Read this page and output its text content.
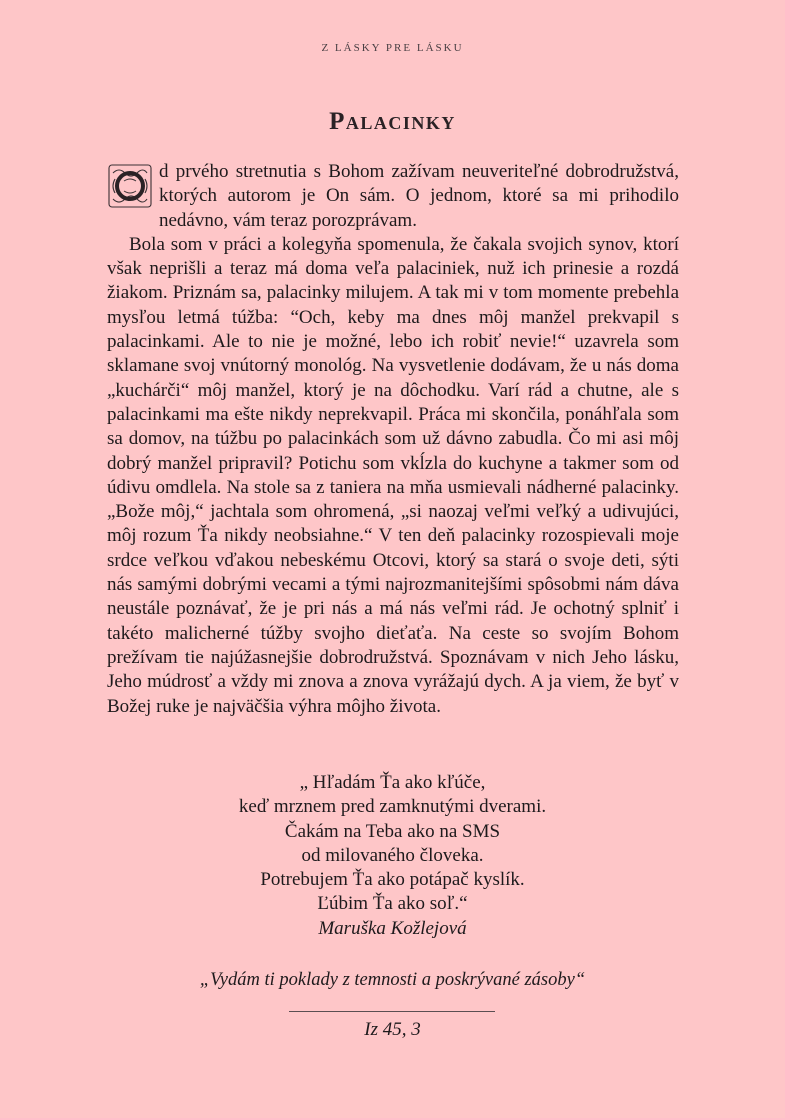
Z LÁSKY PRE LÁSKU
Palacinky

d prvého stretnutia s Bohom zažívam neuveriteľné dobrodružstvá, ktorých autorom je On sám. O jednom, ktoré sa mi prihodilo nedávno, vám teraz porozprávam.

Bola som v práci a kolegyňa spomenula, že čakala svojich synov, ktorí však neprišli a teraz má doma veľa palaciniek, nuž ich prinesie a rozdá žiakom. Priznám sa, palacinky milujem. A tak mi v tom momente prebehla mysľou letmá túžba: “Och, keby ma dnes môj manžel prekvapil s palacinkami. Ale to nie je možné, lebo ich robiť nevie!“ uzavrela som sklamane svoj vnútorný monológ. Na vysvetlenie dodávam, že u nás doma „kuchárči“ môj manžel, ktorý je na dôchodku. Varí rád a chutne, ale s palacinkami ma ešte nikdy neprekvapil. Práca mi skončila, ponáhľala som sa domov, na túžbu po palacinkách som už dávno zabudla. Čo mi asi môj dobrý manžel pripravil? Potichu som vkĺzla do kuchyne a takmer som od údivu omdlela. Na stole sa z taniera na mňa usmievali nádherné palacinky. „Bože môj,“ jachtala som ohromená, „si naozaj veľmi veľký a udivujúci, môj rozum Ťa nikdy neobsiahne.“ V ten deň palacinky rozospievali moje srdce veľkou vďakou nebeskému Otcovi, ktorý sa stará o svoje deti, sýti nás samými dobrými vecami a tými najrozmanitejšími spôsobmi nám dáva neustále poznávať, že je pri nás a má nás veľmi rád. Je ochotný splniť i takéto malicherné túžby svojho dieťaťa. Na ceste so svojím Bohom prežívam tie najúžasnejšie dobrodružstvá. Spoznávam v nich Jeho lásku, Jeho múdrosť a vždy mi znova a znova vyrážajú dych. A ja viem, že byť v Božej ruke je najväčšia výhra môjho života.

„ Hľadám Ťa ako kľúče,
keď mrznem pred zamknutými dverami.
Čakám na Teba ako na SMS
od milovaného človeka.
Potrebujem Ťa ako potápač kyslík.
Ľúbim Ťa ako soľ.“
Maruška Kožlejová
„Vydám ti poklady z temnosti a poskrývané zásoby“
Iz 45, 3
